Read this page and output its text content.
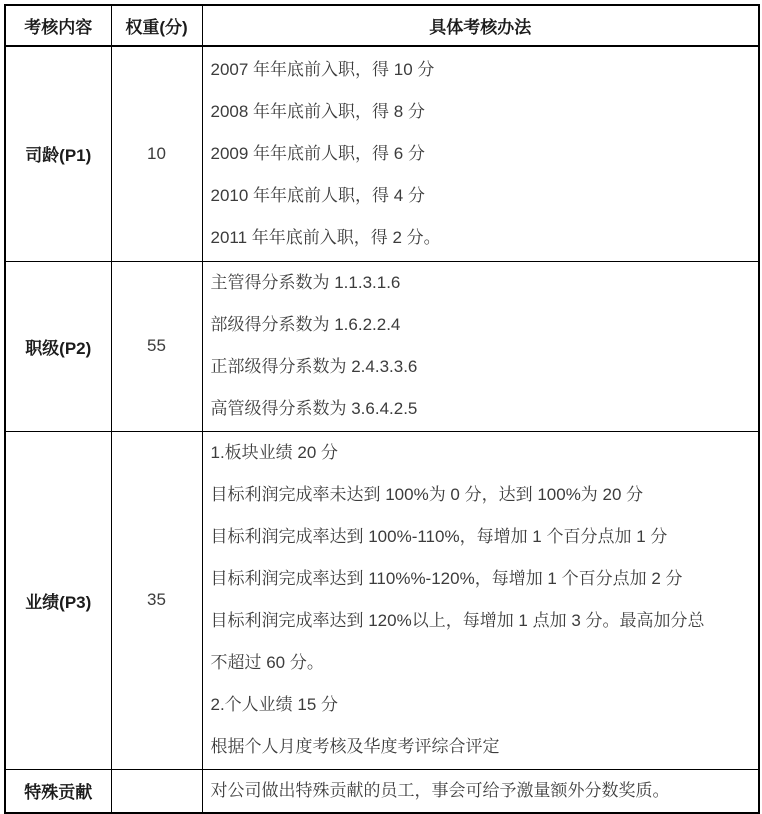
考核内容	权重(分)	具体考核办法
司龄(P1)	10	2007 年年底前入职，得 10 分
2008 年年底前入职，得 8 分
2009 年年底前人职，得 6 分
2010 年年底前人职，得 4 分
2011 年年底前入职，得 2 分。

职级(P2)	55	主管得分系数为 1.1.3.1.6
部级得分系数为 1.6.2.2.4
正部级得分系数为 2.4.3.3.6
高管级得分系数为 3.6.4.2.5

业绩(P3)	35	
1.板块业绩 20 分
目标利润完成率未达到 100%为 0 分，达到 100%为 20 分
目标利润完成率达到 100%-110%，每增加 1 个百分点加 1 分
目标利润完成率达到 110%%-120%，每增加 1 个百分点加 2 分
目标利润完成率达到 120%以上，每增加 1 点加 3 分。最高加分总
不超过 60 分。
2.个人业绩 15 分
根据个人月度考核及华度考评综合评定

特殊贡献		对公司做出特殊贡献的员工，事会可给予激量额外分数奖质。
